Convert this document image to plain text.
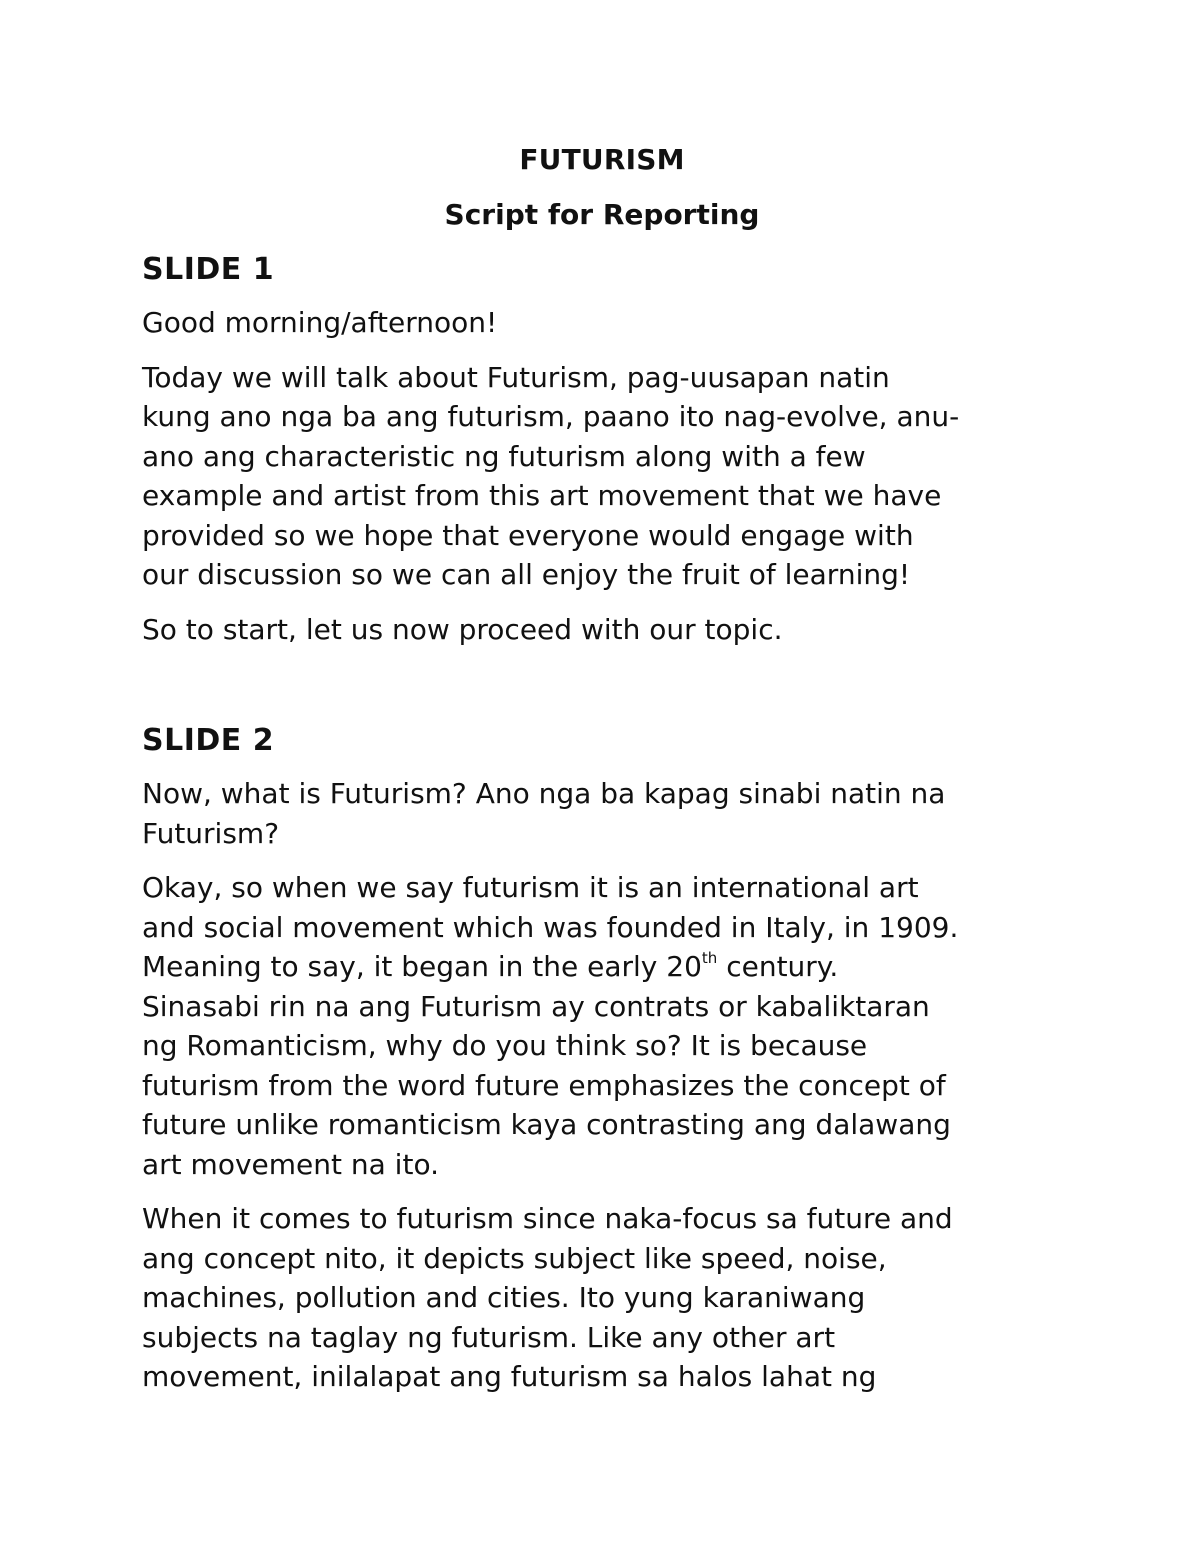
FUTURISM
Script for Reporting
SLIDE 1
Good morning/afternoon!
Today we will talk about Futurism, pag-uusapan natin
kung ano nga ba ang futurism, paano ito nag-evolve, anu-
ano ang characteristic ng futurism along with a few
example and artist from this art movement that we have
provided so we hope that everyone would engage with
our discussion so we can all enjoy the fruit of learning!
So to start, let us now proceed with our topic.
SLIDE 2
Now, what is Futurism? Ano nga ba kapag sinabi natin na
Futurism?
Okay, so when we say futurism it is an international art
and social movement which was founded in Italy, in 1909.
Meaning to say, it began in the early 20th century.
Sinasabi rin na ang Futurism ay contrats or kabaliktaran
ng Romanticism, why do you think so? It is because
futurism from the word future emphasizes the concept of
future unlike romanticism kaya contrasting ang dalawang
art movement na ito.
When it comes to futurism since naka-focus sa future and
ang concept nito, it depicts subject like speed, noise,
machines, pollution and cities. Ito yung karaniwang
subjects na taglay ng futurism. Like any other art
movement, inilalapat ang futurism sa halos lahat ng
